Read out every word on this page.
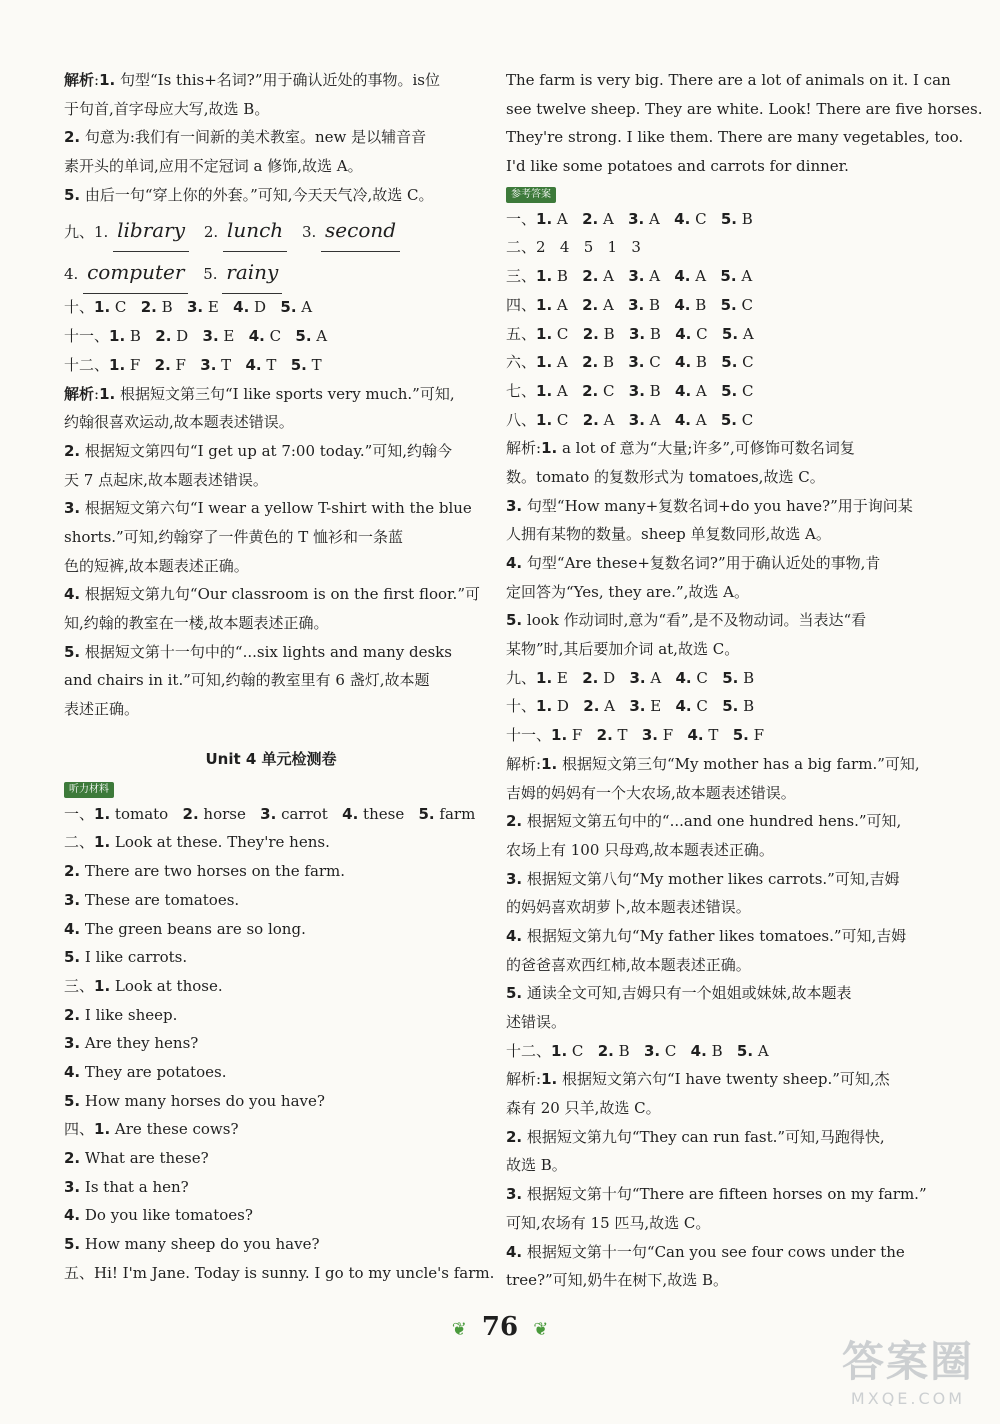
解析:1. 句型“Is this+名词?”用于确认近处的事物。is位
于句首,首字母应大写,故选 B。
2. 句意为:我们有一间新的美术教室。new 是以辅音音
素开头的单词,应用不定冠词 a 修饰,故选 A。
5. 由后一句“穿上你的外套。”可知,今天天气冷,故选 C。
九、1. library 2. lunch 3. second
4. computer 5. rainy
十、1. C   2. B   3. E   4. D   5. A
十一、1. B   2. D   3. E   4. C   5. A
十二、1. F   2. F   3. T   4. T   5. T
解析:1. 根据短文第三句“I like sports very much.”可知,
约翰很喜欢运动,故本题表述错误。
2. 根据短文第四句“I get up at 7:00 today.”可知,约翰今
天 7 点起床,故本题表述错误。
3. 根据短文第六句“I wear a yellow T-shirt with the blue
shorts.”可知,约翰穿了一件黄色的 T 恤衫和一条蓝
色的短裤,故本题表述正确。
4. 根据短文第九句“Our classroom is on the first floor.”可
知,约翰的教室在一楼,故本题表述正确。
5. 根据短文第十一句中的“...six lights and many desks
and chairs in it.”可知,约翰的教室里有 6 盏灯,故本题
表述正确。
Unit 4 单元检测卷
听力材料
一、1. tomato   2. horse   3. carrot   4. these   5. farm
二、1. Look at these. They're hens.
2. There are two horses on the farm.
3. These are tomatoes.
4. The green beans are so long.
5. I like carrots.
三、1. Look at those.
2. I like sheep.
3. Are they hens?
4. They are potatoes.
5. How many horses do you have?
四、1. Are these cows?
2. What are these?
3. Is that a hen?
4. Do you like tomatoes?
5. How many sheep do you have?
五、Hi! I'm Jane. Today is sunny. I go to my uncle's farm.
The farm is very big. There are a lot of animals on it. I can
see twelve sheep. They are white. Look! There are five horses.
They're strong. I like them. There are many vegetables, too.
I'd like some potatoes and carrots for dinner.
参考答案
一、1. A   2. A   3. A   4. C   5. B
二、2   4   5   1   3
三、1. B   2. A   3. A   4. A   5. A
四、1. A   2. A   3. B   4. B   5. C
五、1. C   2. B   3. B   4. C   5. A
六、1. A   2. B   3. C   4. B   5. C
七、1. A   2. C   3. B   4. A   5. C
八、1. C   2. A   3. A   4. A   5. C
解析:1. a lot of 意为“大量;许多”,可修饰可数名词复
数。tomato 的复数形式为 tomatoes,故选 C。
3. 句型“How many+复数名词+do you have?”用于询问某
人拥有某物的数量。sheep 单复数同形,故选 A。
4. 句型“Are these+复数名词?”用于确认近处的事物,肯
定回答为“Yes, they are.”,故选 A。
5. look 作动词时,意为“看”,是不及物动词。当表达“看
某物”时,其后要加介词 at,故选 C。
九、1. E   2. D   3. A   4. C   5. B
十、1. D   2. A   3. E   4. C   5. B
十一、1. F   2. T   3. F   4. T   5. F
解析:1. 根据短文第三句“My mother has a big farm.”可知,
吉姆的妈妈有一个大农场,故本题表述错误。
2. 根据短文第五句中的“...and one hundred hens.”可知,
农场上有 100 只母鸡,故本题表述正确。
3. 根据短文第八句“My mother likes carrots.”可知,吉姆
的妈妈喜欢胡萝卜,故本题表述错误。
4. 根据短文第九句“My father likes tomatoes.”可知,吉姆
的爸爸喜欢西红柿,故本题表述正确。
5. 通读全文可知,吉姆只有一个姐姐或妹妹,故本题表
述错误。
十二、1. C   2. B   3. C   4. B   5. A
解析:1. 根据短文第六句“I have twenty sheep.”可知,杰
森有 20 只羊,故选 C。
2. 根据短文第九句“They can run fast.”可知,马跑得快,
故选 B。
3. 根据短文第十句“There are fifteen horses on my farm.”
可知,农场有 15 匹马,故选 C。
4. 根据短文第十一句“Can you see four cows under the
tree?”可知,奶牛在树下,故选 B。
❦ 76 ❦
答案圈
MXQE.COM
